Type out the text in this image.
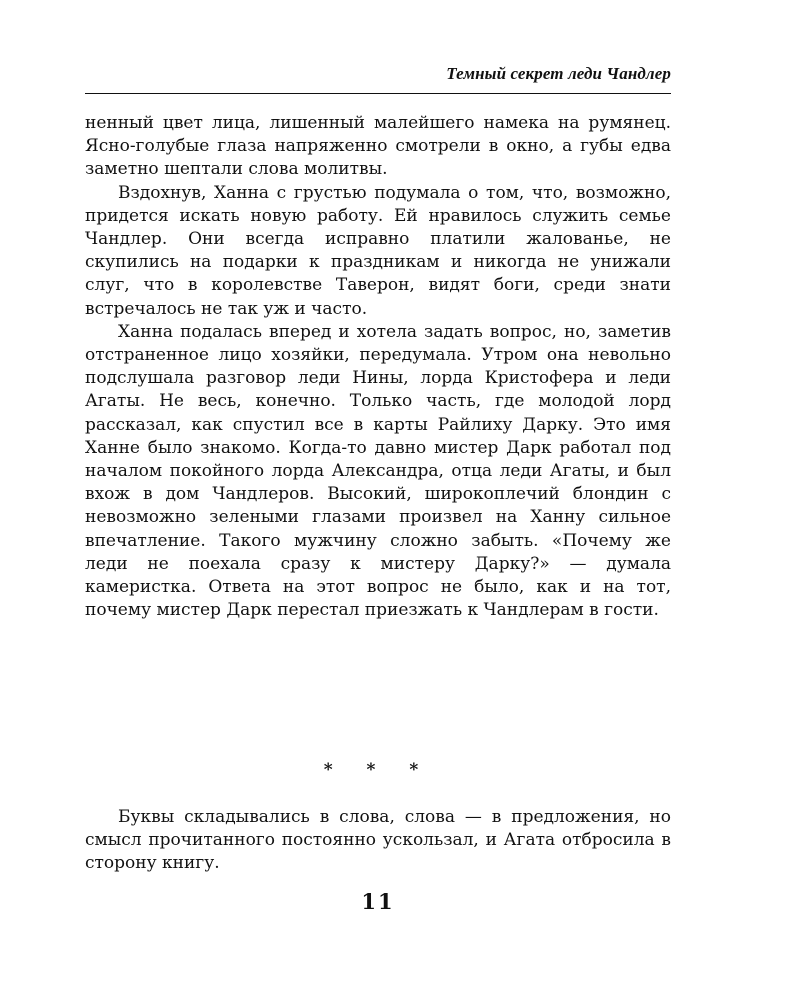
Темный секрет леди Чандлер

ненный цвет лица, лишенный малейшего намека на румянец. Ясно-голубые глаза напряженно смотрели в окно, а губы едва заметно шептали слова молитвы.

Вздохнув, Ханна с грустью подумала о том, что, возможно, придется искать новую работу. Ей нравилось служить семье Чандлер. Они всегда исправно платили жалованье, не скупились на подарки к праздникам и никогда не унижали слуг, что в королевстве Таверон, видят боги, среди знати встречалось не так уж и часто.

Ханна подалась вперед и хотела задать вопрос, но, заметив отстраненное лицо хозяйки, передумала. Утром она невольно подслушала разговор леди Нины, лорда Кристофера и леди Агаты. Не весь, конечно. Только часть, где молодой лорд рассказал, как спустил все в карты Райлиху Дарку. Это имя Ханне было знакомо. Когда-то давно мистер Дарк работал под началом покойного лорда Александра, отца леди Агаты, и был вхож в дом Чандлеров. Высокий, широкоплечий блондин с невозможно зелеными глазами произвел на Ханну сильное впечатление. Такого мужчину сложно забыть. «Почему же леди не поехала сразу к мистеру Дарку?» — думала камеристка. Ответа на этот вопрос не было, как и на тот, почему мистер Дарк перестал приезжать к Чандлерам в гости.

* * *

Буквы складывались в слова, слова — в предложения, но смысл прочитанного постоянно ускользал, и Агата отбросила в сторону книгу.

11
